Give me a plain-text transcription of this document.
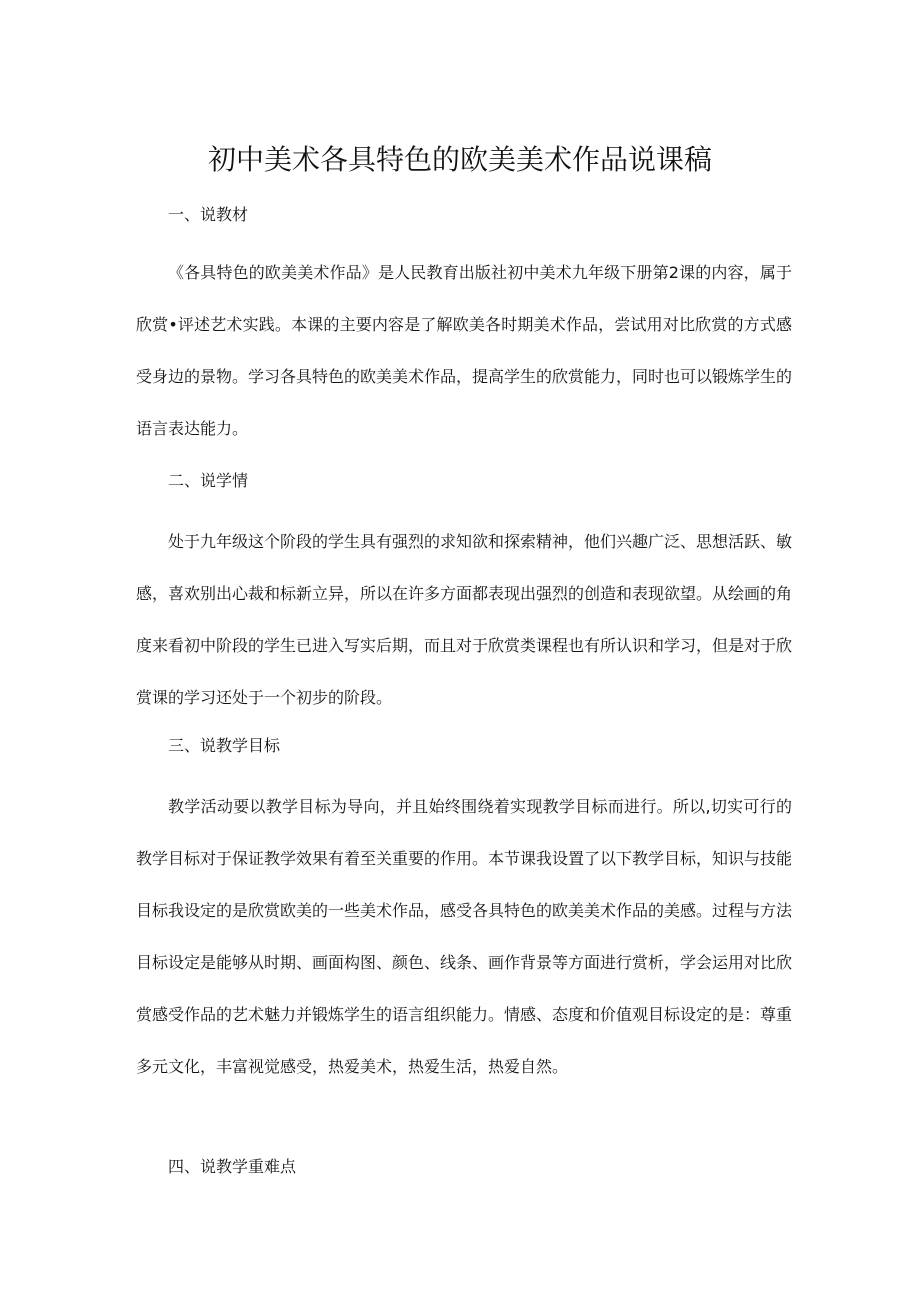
初中美术各具特色的欧美美术作品说课稿
一、说教材

《各具特色的欧美美术作品》是人民教育出版社初中美术九年级下册第2课的内容，属于欣赏•评述艺术实践。本课的主要内容是了解欧美各时期美术作品，尝试用对比欣赏的方式感受身边的景物。学习各具特色的欧美美术作品，提高学生的欣赏能力，同时也可以锻炼学生的语言表达能力。

二、说学情

处于九年级这个阶段的学生具有强烈的求知欲和探索精神，他们兴趣广泛、思想活跃、敏感，喜欢别出心裁和标新立异，所以在许多方面都表现出强烈的创造和表现欲望。从绘画的角度来看初中阶段的学生已进入写实后期，而且对于欣赏类课程也有所认识和学习，但是对于欣赏课的学习还处于一个初步的阶段。

三、说教学目标

教学活动要以教学目标为导向，并且始终围绕着实现教学目标而进行。所以,切实可行的教学目标对于保证教学效果有着至关重要的作用。本节课我设置了以下教学目标，知识与技能目标我设定的是欣赏欧美的一些美术作品，感受各具特色的欧美美术作品的美感。过程与方法目标设定是能够从时期、画面构图、颜色、线条、画作背景等方面进行赏析，学会运用对比欣赏感受作品的艺术魅力并锻炼学生的语言组织能力。情感、态度和价值观目标设定的是：尊重多元文化，丰富视觉感受，热爱美术，热爱生活，热爱自然。

四、说教学重难点
